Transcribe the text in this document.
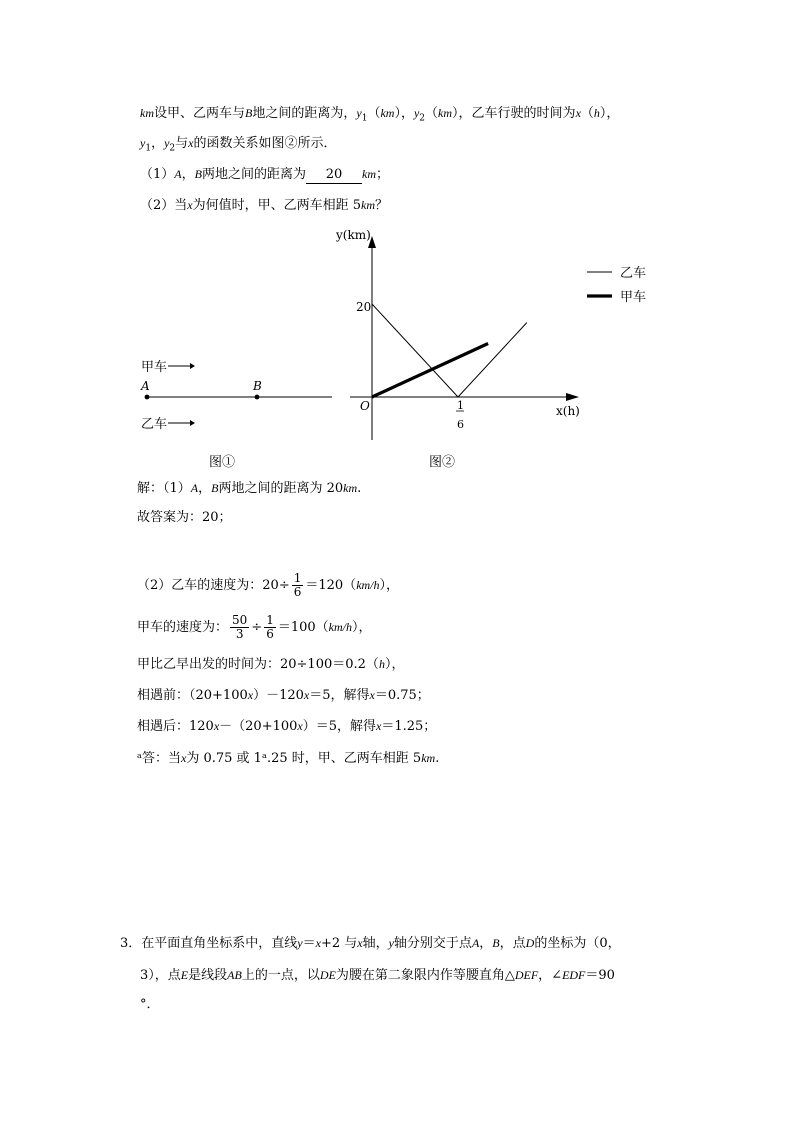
km设甲、乙两车与B地之间的距离为，$y_1(km)$，$y_2(km)$，乙车行驶的时间为x（h），
$y_1$，$y_2$与x的函数关系如图②所示．
（1）A，B两地之间的距离为 20 km；
（2）当x为何值时，甲、乙两车相距 5km？
甲车
A	B
乙车
图①
y(km)
x(h)
O
20
1
6
乙车
甲车
图②
解：（1）A，B两地之间的距离为 20km.
故答案为：20；
（2）乙车的速度为：$20\div \frac{1}{6} =120(km/h)$，
甲车的速度为： $\frac{50}{3} \div \frac{1}{6} =100(km/h)$，
甲比乙早出发的时间为：20÷100＝0.2（h），
相遇前：（20+100x）－120x＝5，解得x＝0.75；
相遇后：120x－（20+100x）＝5，解得x＝1.25；
ᵃ答：当x为 0.75 或 1ᵃ.25 时，甲、乙两车相距 5km.
3．在平面直角坐标系中，直线y＝x+2 与x轴，y轴分别交于点A，B，点D的坐标为（0，
3），点E是线段AB上的一点，以DE为腰在第二象限内作等腰直角△DEF，∠EDF＝90
°．
